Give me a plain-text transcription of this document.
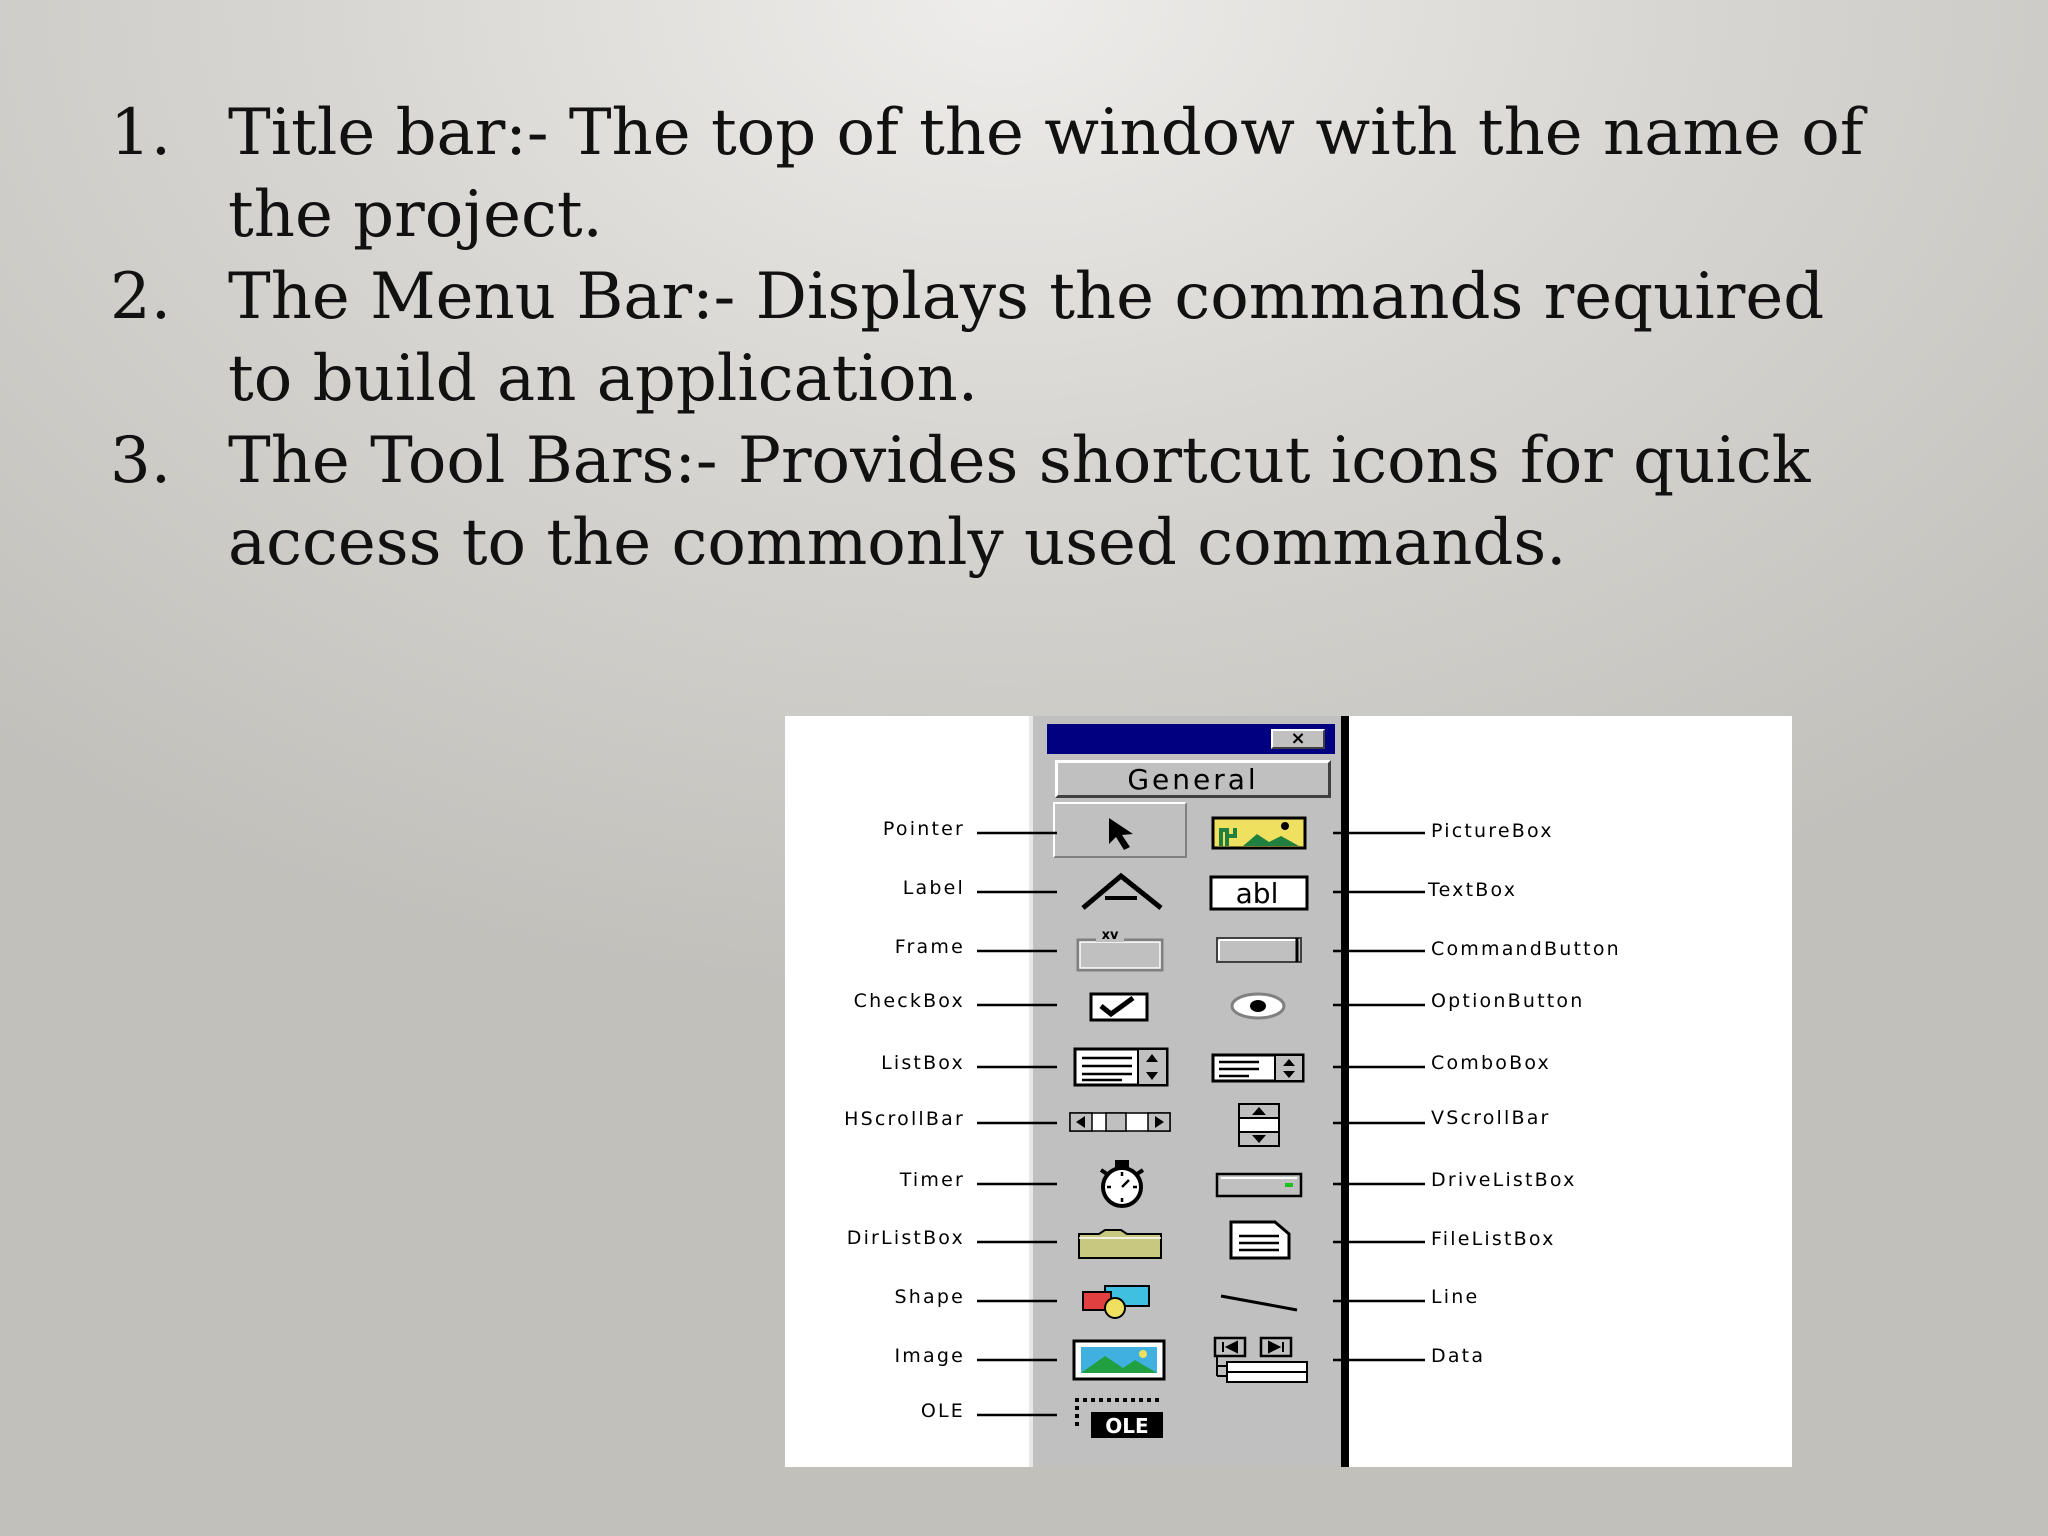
1. Title bar:- The top of the window with the name of the project.
2. The Menu Bar:- Displays the commands required to build an application.
3. The Tool Bars:- Provides shortcut icons for quick access to the commonly used commands.
×
General
Pointer
Label
Frame
CheckBox
ListBox
HScrollBar
Timer
DirListBox
Shape
Image
OLE
PictureBox
TextBox
CommandButton
OptionButton
ComboBox
VScrollBar
DriveListBox
FileListBox
Line
Data
xv
OLE
abl
